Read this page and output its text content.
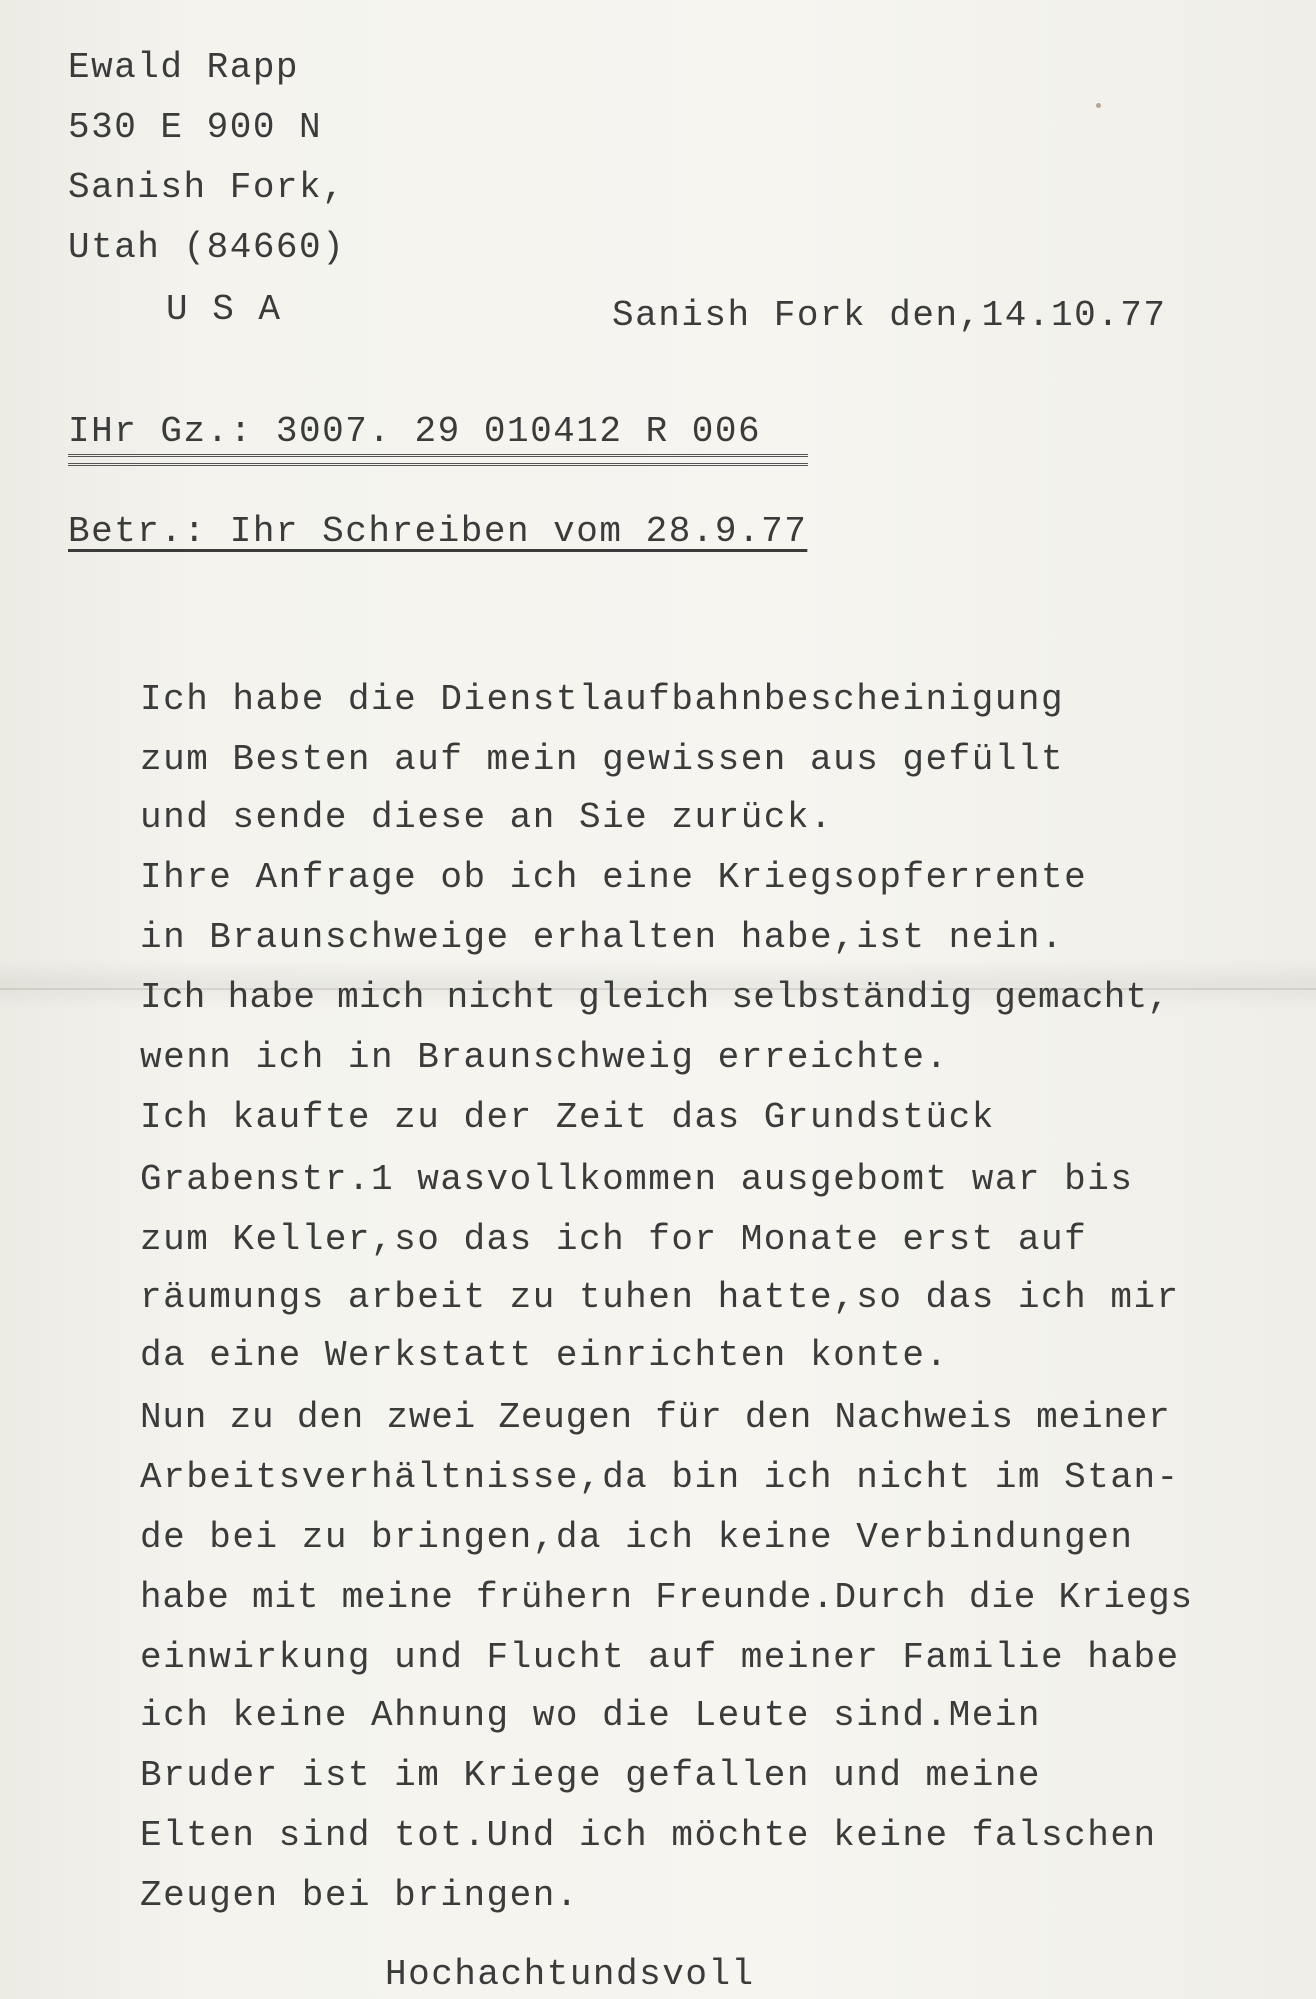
Ewald Rapp
530 E 900 N
Sanish Fork,
Utah (84660)
U S A	Sanish Fork den,14.10.77
IHr Gz.: 3007. 29 010412 R 006
Betr.: Ihr Schreiben vom 28.9.77
Ich habe die Dienstlaufbahnbescheinigung
zum Besten auf mein gewissen aus gefüllt
und sende diese an Sie zurück.
Ihre Anfrage ob ich eine Kriegsopferrente
in Braunschweige erhalten habe,ist nein.
Ich habe mich nicht gleich selbständig gemacht,
wenn ich in Braunschweig erreichte.
Ich kaufte zu der Zeit das Grundstück
Grabenstr.1 wasvollkommen ausgebomt war bis
zum Keller,so das ich for Monate erst auf
räumungs arbeit zu tuhen hatte,so das ich mir
da eine Werkstatt einrichten konte.
Nun zu den zwei Zeugen für den Nachweis meiner
Arbeitsverhältnisse,da bin ich nicht im Stan-
de bei zu bringen,da ich keine Verbindungen
habe mit meine frühern Freunde.Durch die Kriegs
einwirkung und Flucht auf meiner Familie habe
ich keine Ahnung wo die Leute sind.Mein
Bruder ist im Kriege gefallen und meine
Elten sind tot.Und ich möchte keine falschen
Zeugen bei bringen.
Hochachtundsvoll
